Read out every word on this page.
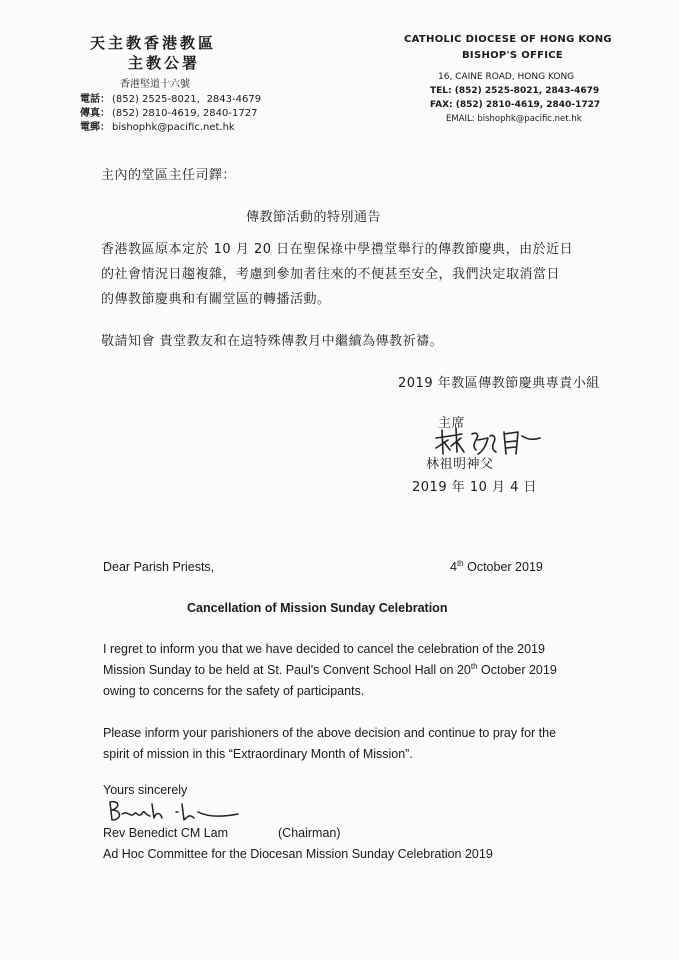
天主教香港教區
主教公署
香港堅道十六號
電話： (852) 2525-8021，2843-4679
傳真： (852) 2810-4619, 2840-1727
電郵： bishophk@pacific.net.hk
CATHOLIC DIOCESE OF HONG KONG
BISHOP'S OFFICE
16, CAINE ROAD, HONG KONG
TEL: (852) 2525-8021, 2843-4679
FAX: (852) 2810-4619, 2840-1727
EMAIL: bishophk@pacific.net.hk
主內的堂區主任司鐸：
傳教節活動的特別通告
香港教區原本定於 10 月 20 日在聖保祿中學禮堂舉行的傳教節慶典，由於近日
的社會情況日趨複雜，考慮到參加者往來的不便甚至安全，我們決定取消當日
的傳教節慶典和有關堂區的轉播活動。
敬請知會 貴堂教友和在這特殊傳教月中繼續為傳教祈禱。
2019 年教區傳教節慶典專責小組
主席
林祖明神父
2019 年 10 月 4 日
Dear Parish Priests,	4th October 2019
Cancellation of Mission Sunday Celebration
I regret to inform you that we have decided to cancel the celebration of the 2019
Mission Sunday to be held at St. Paul's Convent School Hall on 20th October 2019
owing to concerns for the safety of participants.
Please inform your parishioners of the above decision and continue to pray for the
spirit of mission in this “Extraordinary Month of Mission”.
Yours sincerely
Rev Benedict CM Lam	(Chairman)
Ad Hoc Committee for the Diocesan Mission Sunday Celebration 2019
